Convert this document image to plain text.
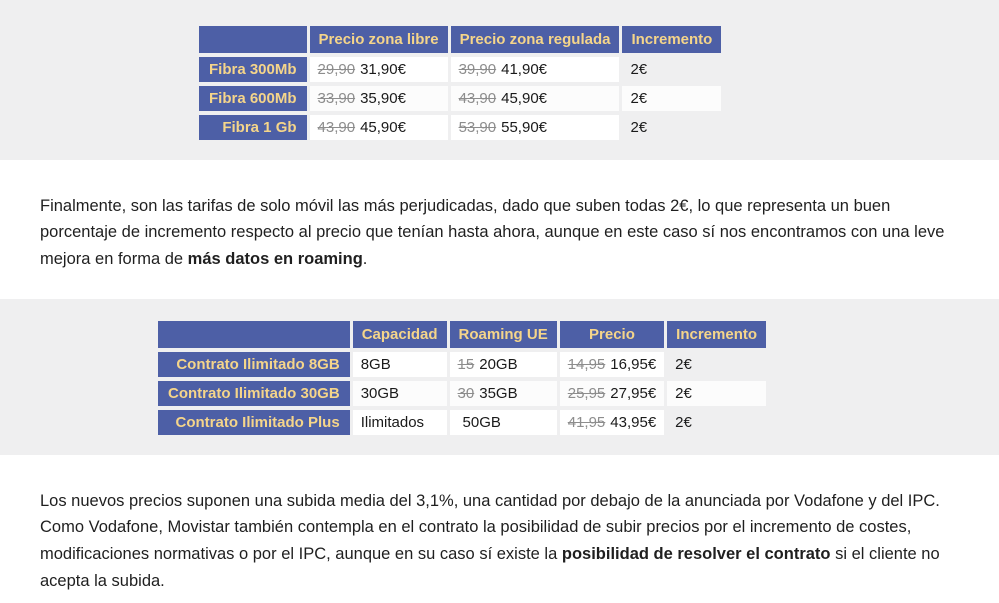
	Precio zona libre	Precio zona regulada	Incremento
Fibra 300Mb	29,90 31,90€	39,90 41,90€	2€
Fibra 600Mb	33,90 35,90€	43,90 45,90€	2€
Fibra 1 Gb	43,90 45,90€	53,90 55,90€	2€

Finalmente, son las tarifas de solo móvil las más perjudicadas, dado que suben todas 2€, lo que representa un buen porcentaje de incremento respecto al precio que tenían hasta ahora, aunque en este caso sí nos encontramos con una leve mejora en forma de más datos en roaming.

	Capacidad	Roaming UE	Precio	Incremento
Contrato Ilimitado 8GB	8GB	15 20GB	14,95 16,95€	2€
Contrato Ilimitado 30GB	30GB	30 35GB	25,95 27,95€	2€
Contrato Ilimitado Plus	Ilimitados	50GB	41,95 43,95€	2€

Los nuevos precios suponen una subida media del 3,1%, una cantidad por debajo de la anunciada por Vodafone y del IPC. Como Vodafone, Movistar también contempla en el contrato la posibilidad de subir precios por el incremento de costes, modificaciones normativas o por el IPC, aunque en su caso sí existe la posibilidad de resolver el contrato si el cliente no acepta la subida.
